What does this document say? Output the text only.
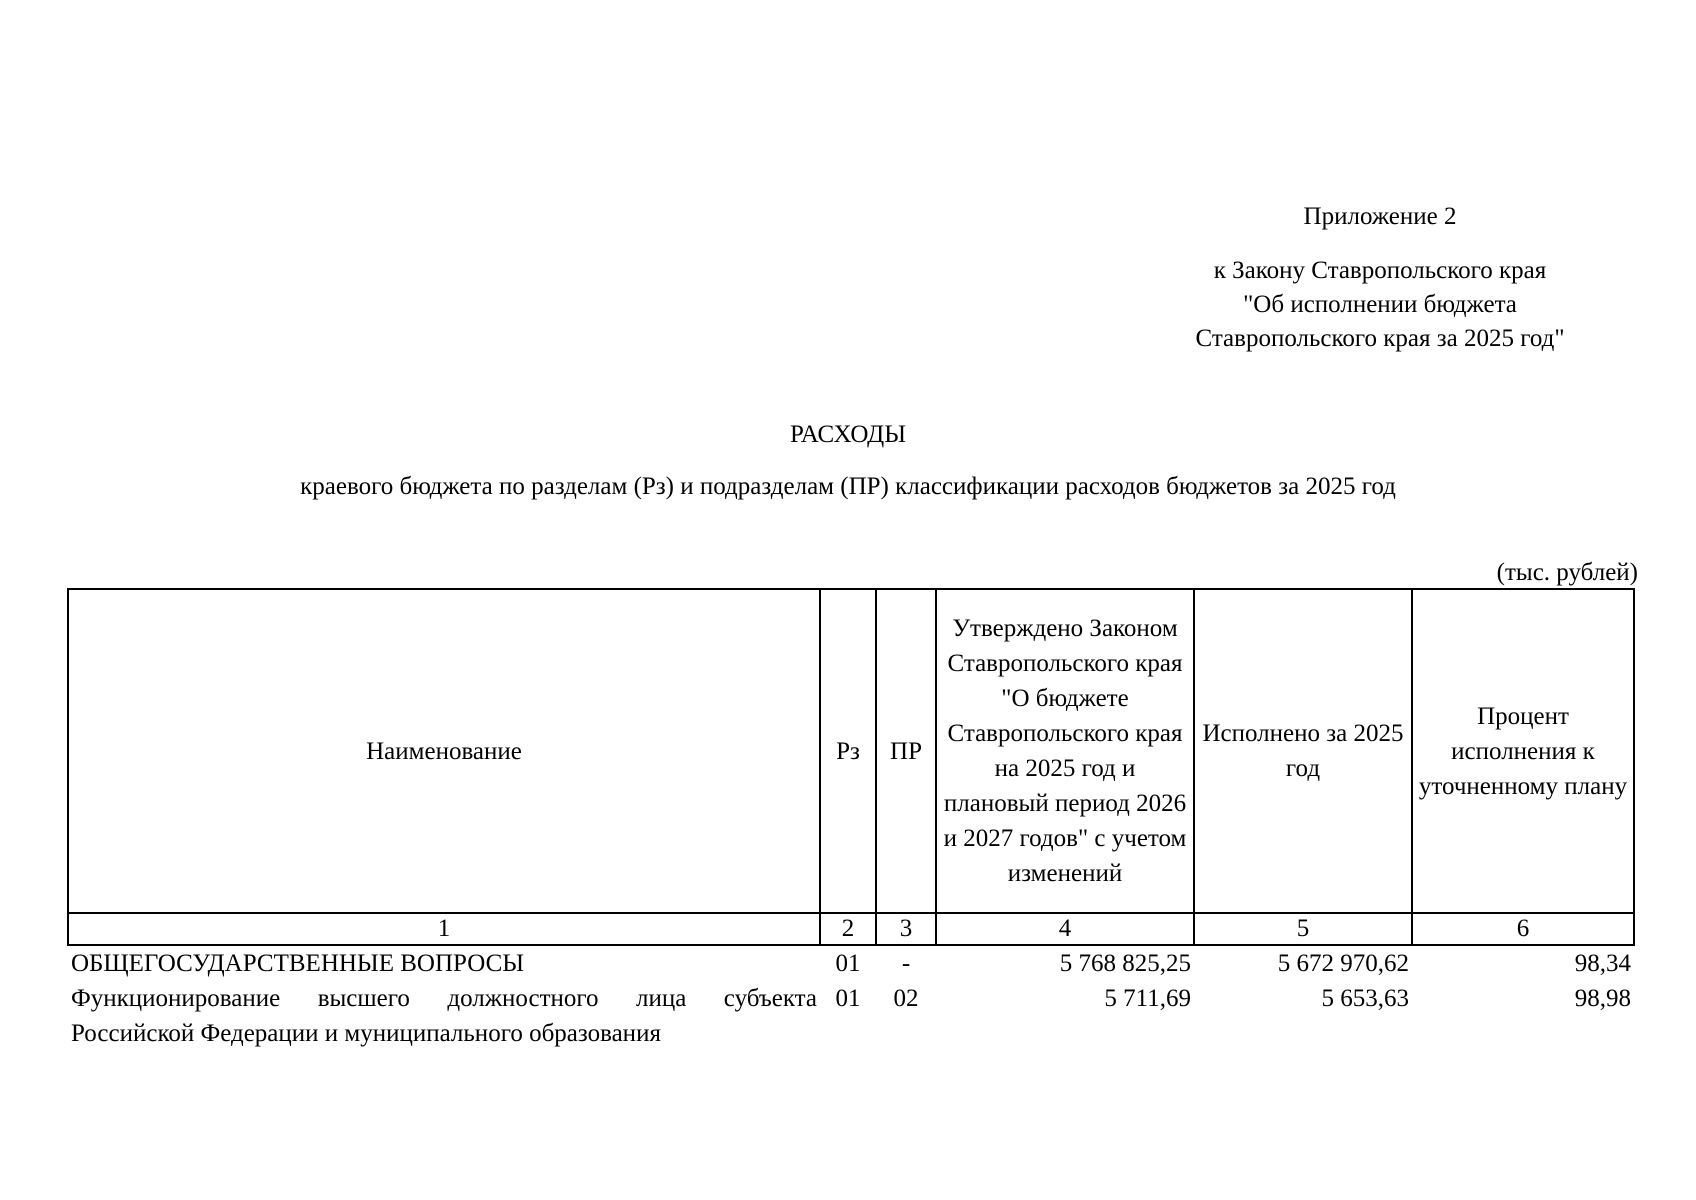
Приложение 2
к Закону Ставропольского края
"Об исполнении бюджета
Ставропольского края за 2025 год"
РАСХОДЫ
краевого бюджета по разделам (Рз) и подразделам (ПР) классификации расходов бюджетов за 2025 год
(тыс. рублей)
Наименование	Рз	ПР	Утверждено Законом Ставропольского края "О бюджете Ставропольского края на 2025 год и плановый период 2026 и 2027 годов" с учетом изменений	Исполнено за 2025 год	Процент исполнения к уточненному плану
1	2	3	4	5	6
ОБЩЕГОСУДАРСТВЕННЫЕ ВОПРОСЫ	01	-	5 768 825,25	5 672 970,62	98,34
Функционирование высшего должностного лица субъекта Российской Федерации и муниципального образования	01	02	5 711,69	5 653,63	98,98
